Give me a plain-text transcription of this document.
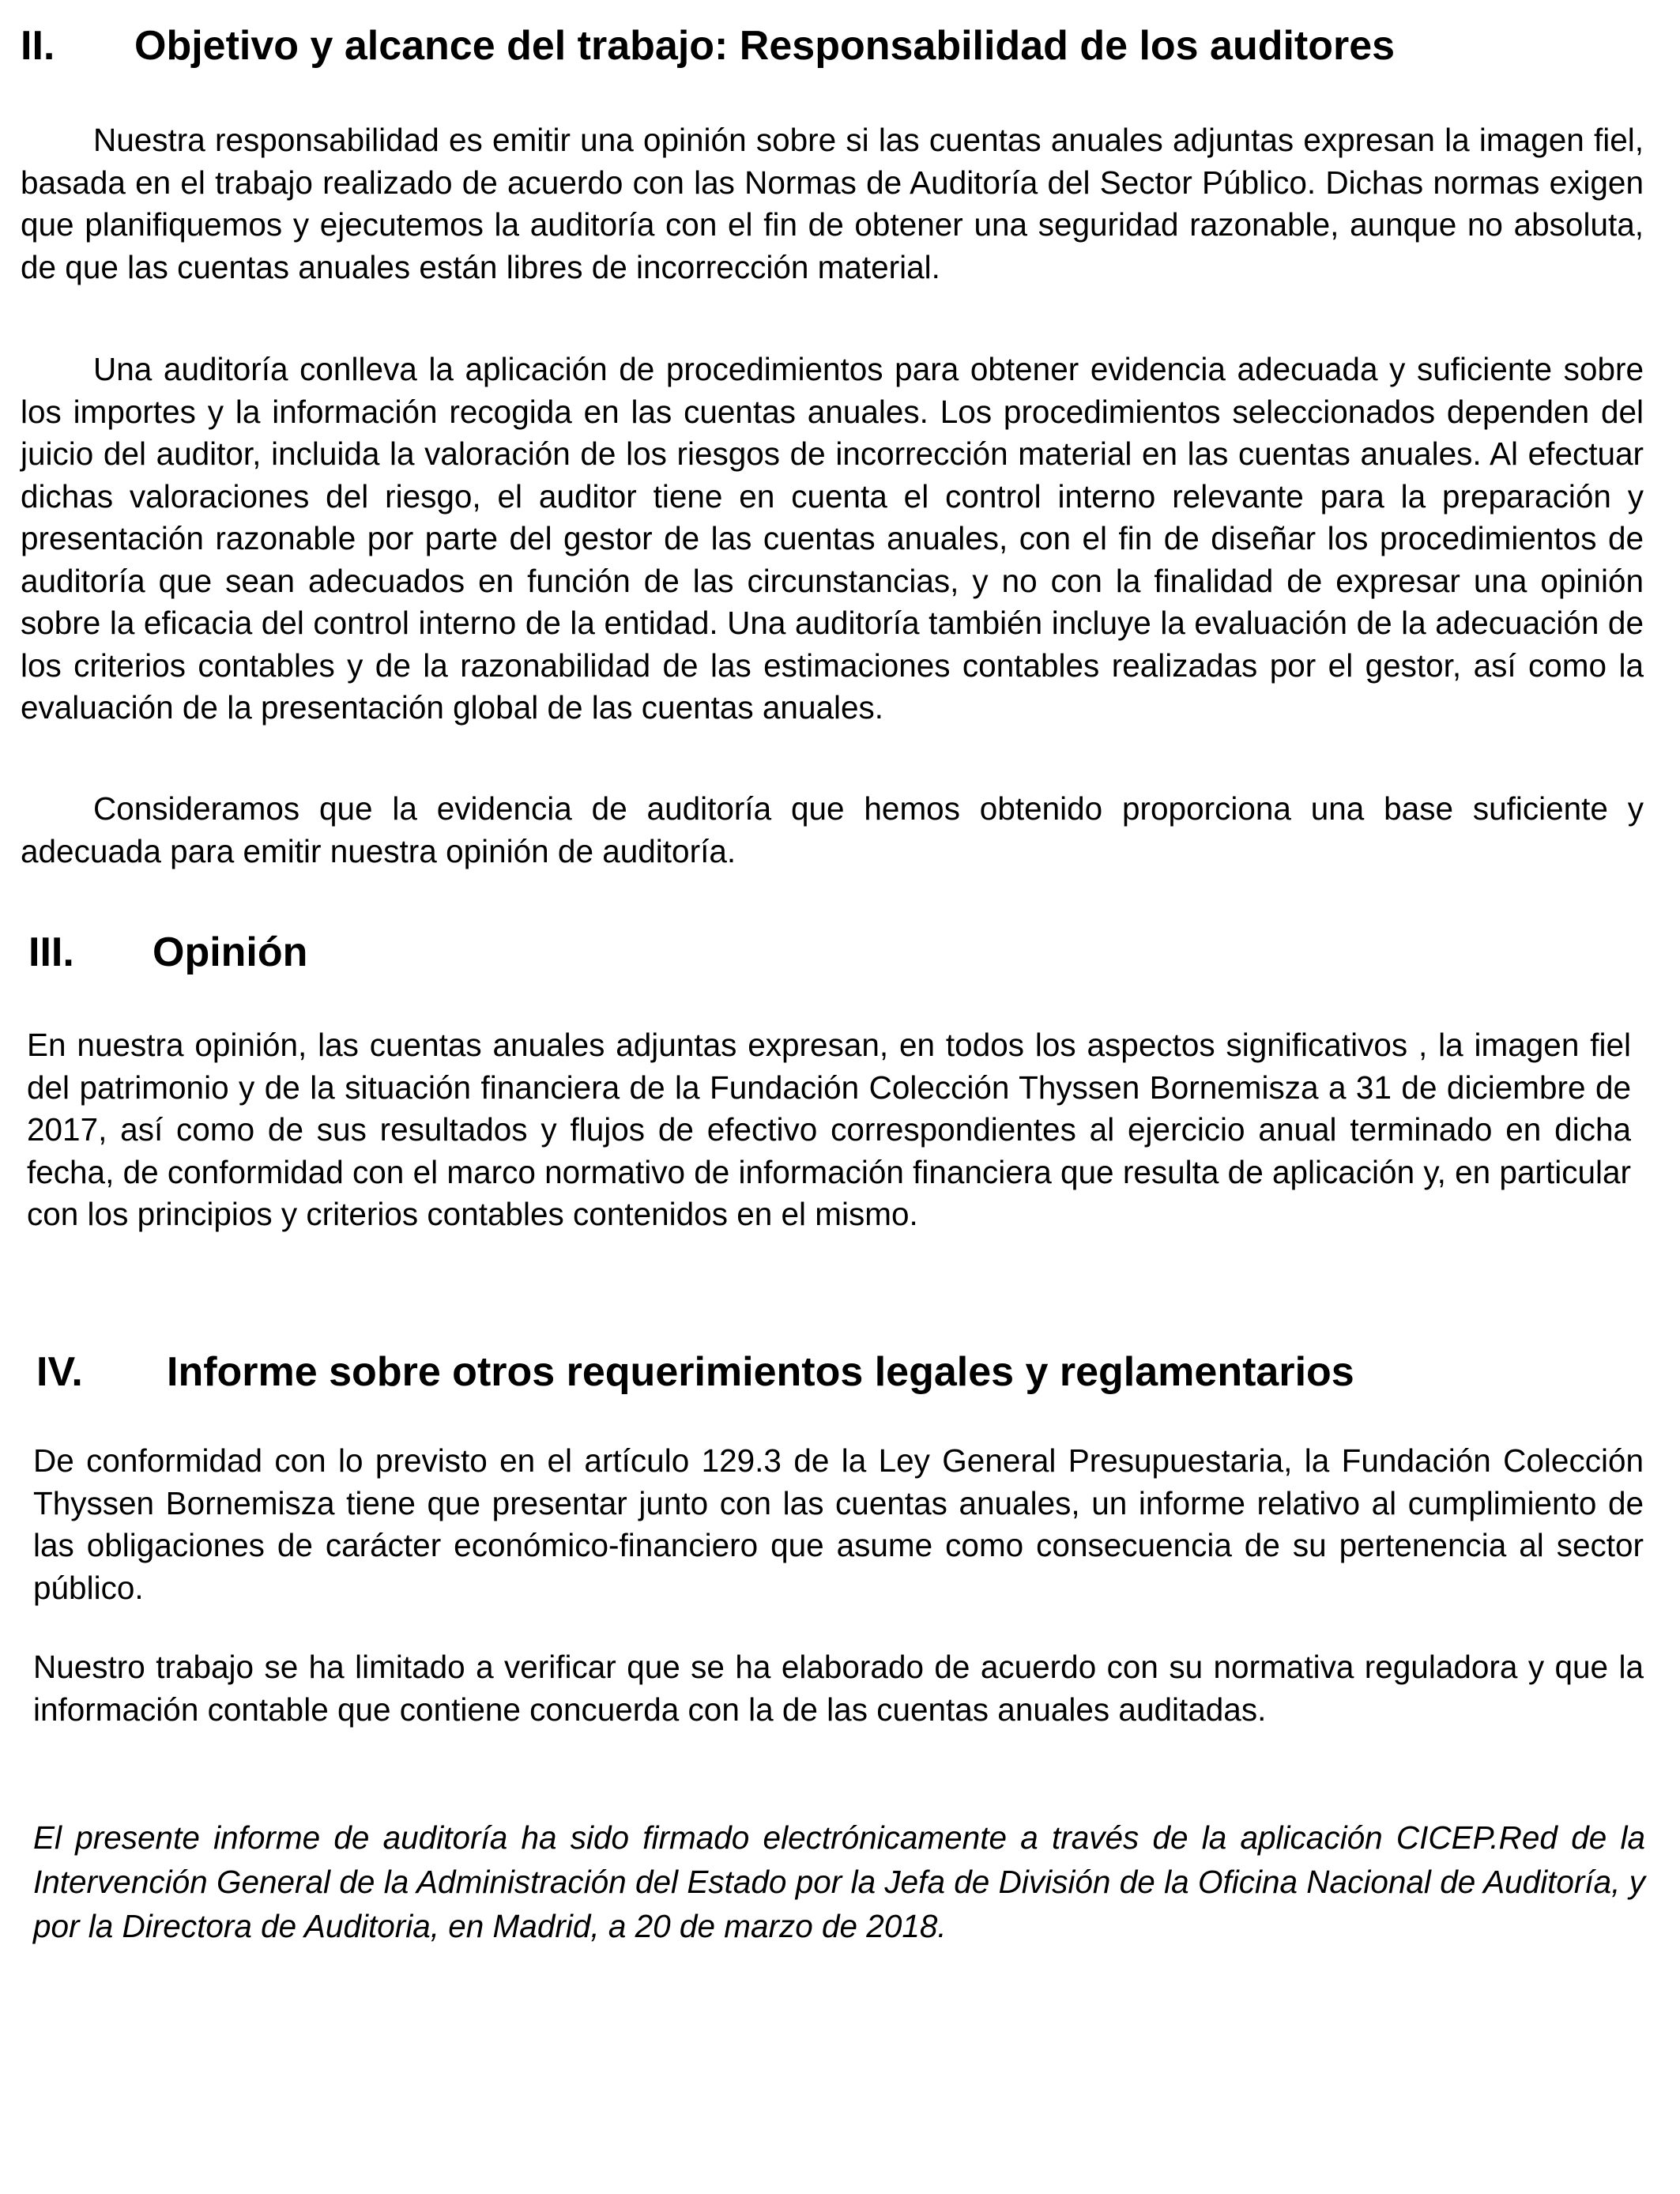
II. Objetivo y alcance del trabajo: Responsabilidad de los auditores

Nuestra responsabilidad es emitir una opinión sobre si las cuentas anuales adjuntas expresan la imagen fiel, basada en el trabajo realizado de acuerdo con las Normas de Auditoría del Sector Público. Dichas normas exigen que planifiquemos y ejecutemos la auditoría con el fin de obtener una seguridad razonable, aunque no absoluta, de que las cuentas anuales están libres de incorrección material.

Una auditoría conlleva la aplicación de procedimientos para obtener evidencia adecuada y suficiente sobre los importes y la información recogida en las cuentas anuales. Los procedimientos seleccionados dependen del juicio del auditor, incluida la valoración de los riesgos de incorrección material en las cuentas anuales. Al efectuar dichas valoraciones del riesgo, el auditor tiene en cuenta el control interno relevante para la preparación y presentación razonable por parte del gestor de las cuentas anuales, con el fin de diseñar los procedimientos de auditoría que sean adecuados en función de las circunstancias, y no con la finalidad de expresar una opinión sobre la eficacia del control interno de la entidad. Una auditoría también incluye la evaluación de la adecuación de los criterios contables y de la razonabilidad de las estimaciones contables realizadas por el gestor, así como la evaluación de la presentación global de las cuentas anuales.

Consideramos que la evidencia de auditoría que hemos obtenido proporciona una base suficiente y adecuada para emitir nuestra opinión de auditoría.

III. Opinión

En nuestra opinión, las cuentas anuales adjuntas expresan, en todos los aspectos significativos , la imagen fiel del patrimonio y de la situación financiera de la Fundación Colección Thyssen Bornemisza a 31 de diciembre de 2017, así como de sus resultados y flujos de efectivo correspondientes al ejercicio anual terminado en dicha fecha, de conformidad con el marco normativo de información financiera que resulta de aplicación y, en particular con los principios y criterios contables contenidos en el mismo.

IV. Informe sobre otros requerimientos legales y reglamentarios

De conformidad con lo previsto en el artículo 129.3 de la Ley General Presupuestaria, la Fundación Colección Thyssen Bornemisza tiene que presentar junto con las cuentas anuales, un informe relativo al cumplimiento de las obligaciones de carácter económico-financiero que asume como consecuencia de su pertenencia al sector público.

Nuestro trabajo se ha limitado a verificar que se ha elaborado de acuerdo con su normativa reguladora y que la información contable que contiene concuerda con la de las cuentas anuales auditadas.

El presente informe de auditoría ha sido firmado electrónicamente a través de la aplicación CICEP.Red de la Intervención General de la Administración del Estado por la Jefa de División de la Oficina Nacional de Auditoría, y por la Directora de Auditoria, en Madrid, a 20 de marzo de 2018.
